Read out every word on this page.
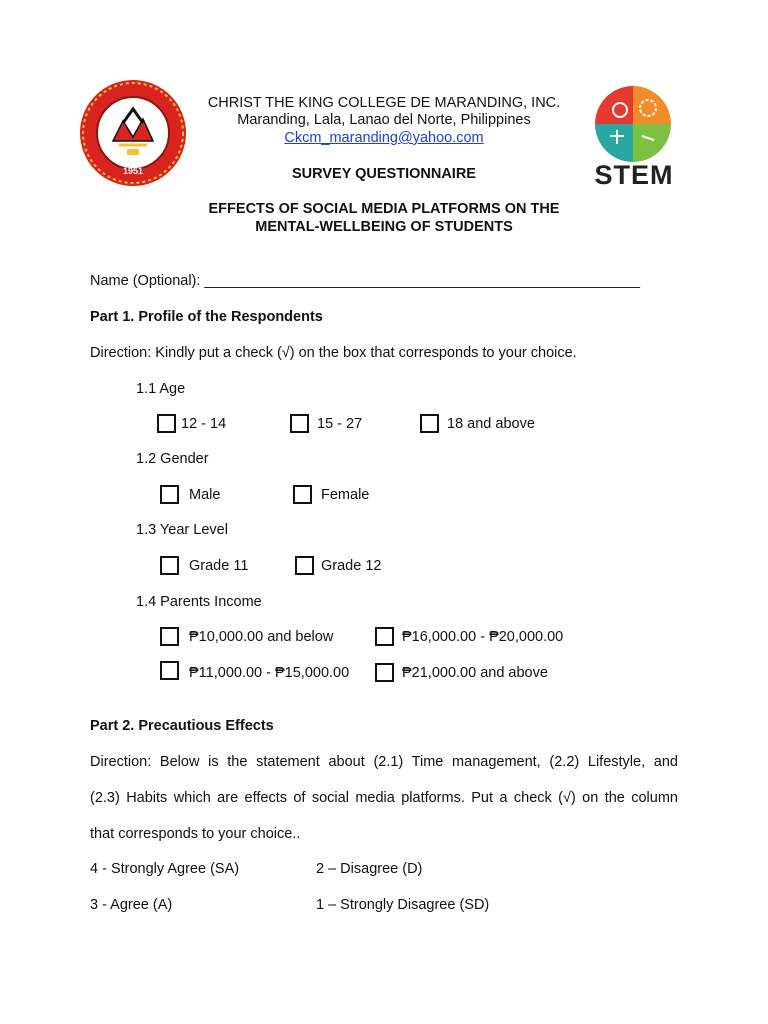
1951	STEM
CHRIST THE KING COLLEGE DE MARANDING, INC.
Maranding, Lala, Lanao del Norte, Philippines
Ckcm_maranding@yahoo.com
SURVEY QUESTIONNAIRE
EFFECTS OF SOCIAL MEDIA PLATFORMS ON THE
MENTAL-WELLBEING OF STUDENTS
Name (Optional): ______________________________________________________
Part 1. Profile of the Respondents
Direction: Kindly put a check (√) on the box that corresponds to your choice.
1.1 Age
12 - 14	15 - 27	18 and above
1.2 Gender
Male	Female
1.3 Year Level
Grade 11	Grade 12
1.4 Parents Income
₱10,000.00 and below	₱16,000.00 - ₱20,000.00
₱11,000.00 - ₱15,000.00	₱21,000.00 and above
Part 2. Precautious Effects
Direction: Below is the statement about (2.1) Time management, (2.2) Lifestyle, and
(2.3) Habits which are effects of social media platforms. Put a check (√) on the column
that corresponds to your choice..
4 - Strongly Agree (SA)	2 – Disagree (D)
3 - Agree (A)	1 – Strongly Disagree (SD)
